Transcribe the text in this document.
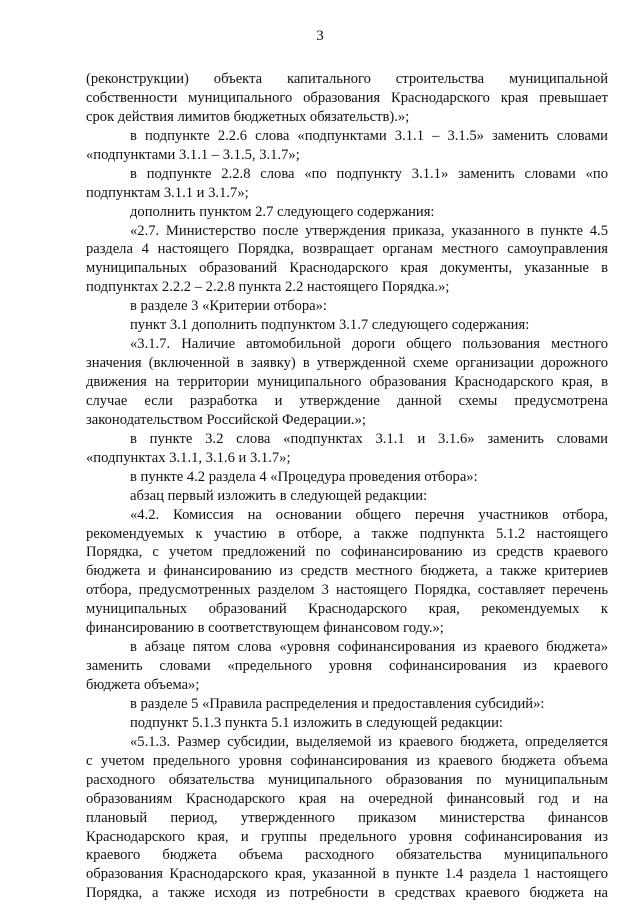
3
(реконструкции) объекта капитального строительства муниципальной
собственности муниципального образования Краснодарского края превышает
срок действия лимитов бюджетных обязательств).»;
в подпункте 2.2.6 слова «подпунктами 3.1.1 – 3.1.5» заменить словами
«подпунктами 3.1.1 – 3.1.5, 3.1.7»;
в подпункте 2.2.8 слова «по подпункту 3.1.1» заменить словами «по
подпунктам 3.1.1 и 3.1.7»;
дополнить пунктом 2.7 следующего содержания:
«2.7. Министерство после утверждения приказа, указанного в пункте 4.5
раздела 4 настоящего Порядка, возвращает органам местного самоуправления
муниципальных образований Краснодарского края документы, указанные в
подпунктах 2.2.2 – 2.2.8 пункта 2.2 настоящего Порядка.»;
в разделе 3 «Критерии отбора»:
пункт 3.1 дополнить подпунктом 3.1.7 следующего содержания:
«3.1.7. Наличие автомобильной дороги общего пользования местного
значения (включенной в заявку) в утвержденной схеме организации дорожного
движения на территории муниципального образования Краснодарского края, в
случае если разработка и утверждение данной схемы предусмотрена
законодательством Российской Федерации.»;
в пункте 3.2 слова «подпунктах 3.1.1 и 3.1.6» заменить словами
«подпунктах 3.1.1, 3.1.6 и 3.1.7»;
в пункте 4.2 раздела 4 «Процедура проведения отбора»:
абзац первый изложить в следующей редакции:
«4.2. Комиссия на основании общего перечня участников отбора,
рекомендуемых к участию в отборе, а также подпункта 5.1.2 настоящего
Порядка, с учетом предложений по софинансированию из средств краевого
бюджета и финансированию из средств местного бюджета, а также критериев
отбора, предусмотренных разделом 3 настоящего Порядка, составляет перечень
муниципальных образований Краснодарского края, рекомендуемых к
финансированию в соответствующем финансовом году.»;
в абзаце пятом слова «уровня софинансирования из краевого бюджета»
заменить словами «предельного уровня софинансирования из краевого
бюджета объема»;
в разделе 5 «Правила распределения и предоставления субсидий»:
подпункт 5.1.3 пункта 5.1 изложить в следующей редакции:
«5.1.3. Размер субсидии, выделяемой из краевого бюджета, определяется
с учетом предельного уровня софинансирования из краевого бюджета объема
расходного обязательства муниципального образования по муниципальным
образованиям Краснодарского края на очередной финансовый год и на
плановый период, утвержденного приказом министерства финансов
Краснодарского края, и группы предельного уровня софинансирования из
краевого бюджета объема расходного обязательства муниципального
образования Краснодарского края, указанной в пункте 1.4 раздела 1 настоящего
Порядка, а также исходя из потребности в средствах краевого бюджета на
